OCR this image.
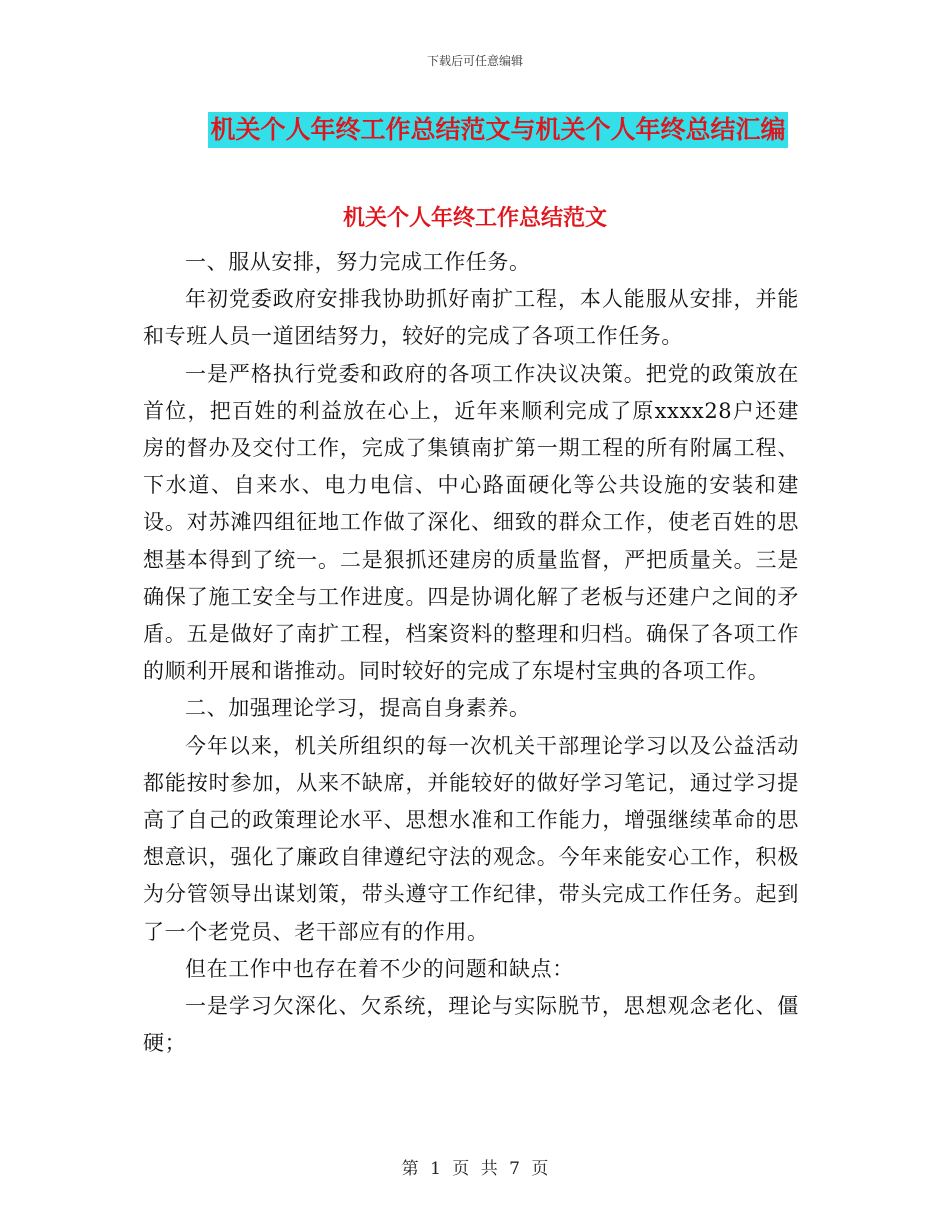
下载后可任意编辑
机关个人年终工作总结范文与机关个人年终总结汇编
机关个人年终工作总结范文

一、服从安排，努力完成工作任务。

年初党委政府安排我协助抓好南扩工程，本人能服从安排，并能和专班人员一道团结努力，较好的完成了各项工作任务。

一是严格执行党委和政府的各项工作决议决策。把党的政策放在首位，把百姓的利益放在心上，近年来顺利完成了原xxxx28户还建房的督办及交付工作，完成了集镇南扩第一期工程的所有附属工程、下水道、自来水、电力电信、中心路面硬化等公共设施的安装和建设。对苏滩四组征地工作做了深化、细致的群众工作，使老百姓的思想基本得到了统一。二是狠抓还建房的质量监督，严把质量关。三是确保了施工安全与工作进度。四是协调化解了老板与还建户之间的矛盾。五是做好了南扩工程，档案资料的整理和归档。确保了各项工作的顺利开展和谐推动。同时较好的完成了东堤村宝典的各项工作。

二、加强理论学习，提高自身素养。

今年以来，机关所组织的每一次机关干部理论学习以及公益活动都能按时参加，从来不缺席，并能较好的做好学习笔记，通过学习提高了自己的政策理论水平、思想水准和工作能力，增强继续革命的思想意识，强化了廉政自律遵纪守法的观念。今年来能安心工作，积极为分管领导出谋划策，带头遵守工作纪律，带头完成工作任务。起到了一个老党员、老干部应有的作用。

但在工作中也存在着不少的问题和缺点：

一是学习欠深化、欠系统，理论与实际脱节，思想观念老化、僵硬；

第 1 页 共 7 页
